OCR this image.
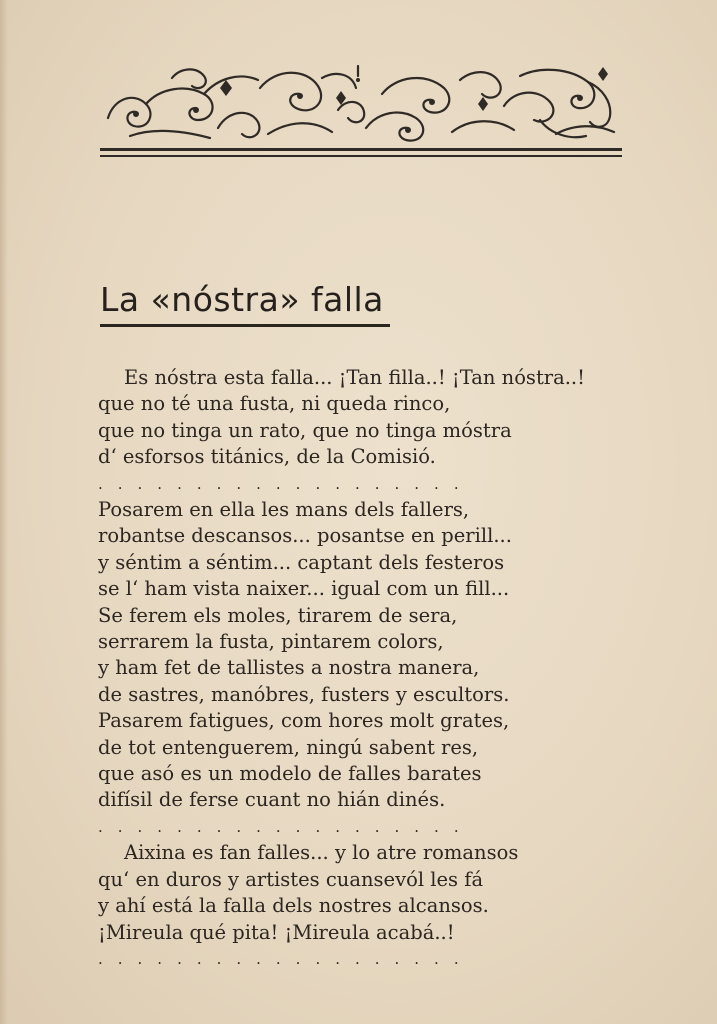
La «nóstra» falla
Es nóstra esta falla... ¡Tan filla..! ¡Tan nóstra..!
que no té una fusta, ni queda rinco,
que no tinga un rato, que no tinga móstra
d‘ esforsos titánics, de la Comisió.
...................
Posarem en ella les mans dels fallers,
robantse descansos... posantse en perill...
y séntim a séntim... captant dels festeros
se l‘ ham vista naixer... igual com un fill...
Se ferem els moles, tirarem de sera,
serrarem la fusta, pintarem colors,
y ham fet de tallistes a nostra manera,
de sastres, manóbres, fusters y escultors.
Pasarem fatigues, com hores molt grates,
de tot entenguerem, ningú sabent res,
que asó es un modelo de falles barates
difísil de ferse cuant no hián dinés.
...................
Aixina es fan falles... y lo atre romansos
qu‘ en duros y artistes cuansevól les fá
y ahí está la falla dels nostres alcansos.
¡Mireula qué pita! ¡Mireula acabá..!
...................
